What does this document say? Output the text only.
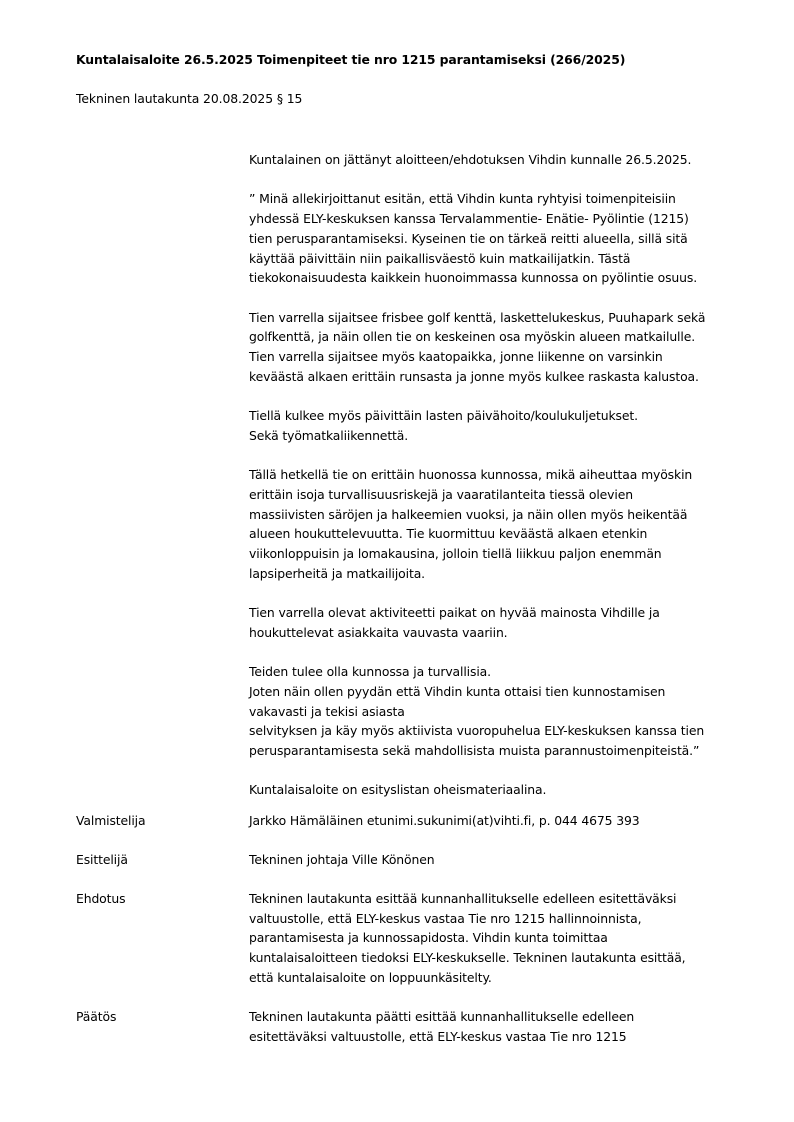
Kuntalaisaloite 26.5.2025 Toimenpiteet tie nro 1215 parantamiseksi (266/2025)
Tekninen lautakunta 20.08.2025 § 15

Kuntalainen on jättänyt aloitteen/ehdotuksen Vihdin kunnalle 26.5.2025.

” Minä allekirjoittanut esitän, että Vihdin kunta ryhtyisi toimenpiteisiin
yhdessä ELY-keskuksen kanssa Tervalammentie- Enätie- Pyölintie (1215)
tien perusparantamiseksi. Kyseinen tie on tärkeä reitti alueella, sillä sitä
käyttää päivittäin niin paikallisväestö kuin matkailijatkin. Tästä
tiekokonaisuudesta kaikkein huonoimmassa kunnossa on pyölintie osuus.

Tien varrella sijaitsee frisbee golf kenttä, laskettelukeskus, Puuhapark sekä
golfkenttä, ja näin ollen tie on keskeinen osa myöskin alueen matkailulle.
Tien varrella sijaitsee myös kaatopaikka, jonne liikenne on varsinkin
keväästä alkaen erittäin runsasta ja jonne myös kulkee raskasta kalustoa.

Tiellä kulkee myös päivittäin lasten päivähoito/koulukuljetukset.
Sekä työmatkaliikennettä.

Tällä hetkellä tie on erittäin huonossa kunnossa, mikä aiheuttaa myöskin
erittäin isoja turvallisuusriskejä ja vaaratilanteita tiessä olevien
massiivisten säröjen ja halkeemien vuoksi, ja näin ollen myös heikentää
alueen houkuttelevuutta. Tie kuormittuu keväästä alkaen etenkin
viikonloppuisin ja lomakausina, jolloin tiellä liikkuu paljon enemmän
lapsiperheitä ja matkailijoita.

Tien varrella olevat aktiviteetti paikat on hyvää mainosta Vihdille ja
houkuttelevat asiakkaita vauvasta vaariin.

Teiden tulee olla kunnossa ja turvallisia.
Joten näin ollen pyydän että Vihdin kunta ottaisi tien kunnostamisen
vakavasti ja tekisi asiasta
selvityksen ja käy myös aktiivista vuoropuhelua ELY-keskuksen kanssa tien
perusparantamisesta sekä mahdollisista muista parannustoimenpiteistä.”

Kuntalaisaloite on esityslistan oheismateriaalina.

Valmistelija	Jarkko Hämäläinen etunimi.sukunimi(at)vihti.fi, p. 044 4675 393
Esittelijä	Tekninen johtaja Ville Könönen
Ehdotus	Tekninen lautakunta esittää kunnanhallitukselle edelleen esitettäväksi
valtuustolle, että ELY-keskus vastaa Tie nro 1215 hallinnoinnista,
parantamisesta ja kunnossapidosta. Vihdin kunta toimittaa
kuntalaisaloitteen tiedoksi ELY-keskukselle. Tekninen lautakunta esittää,
että kuntalaisaloite on loppuunkäsitelty.
Päätös	Tekninen lautakunta päätti esittää kunnanhallitukselle edelleen
esitettäväksi valtuustolle, että ELY-keskus vastaa Tie nro 1215
